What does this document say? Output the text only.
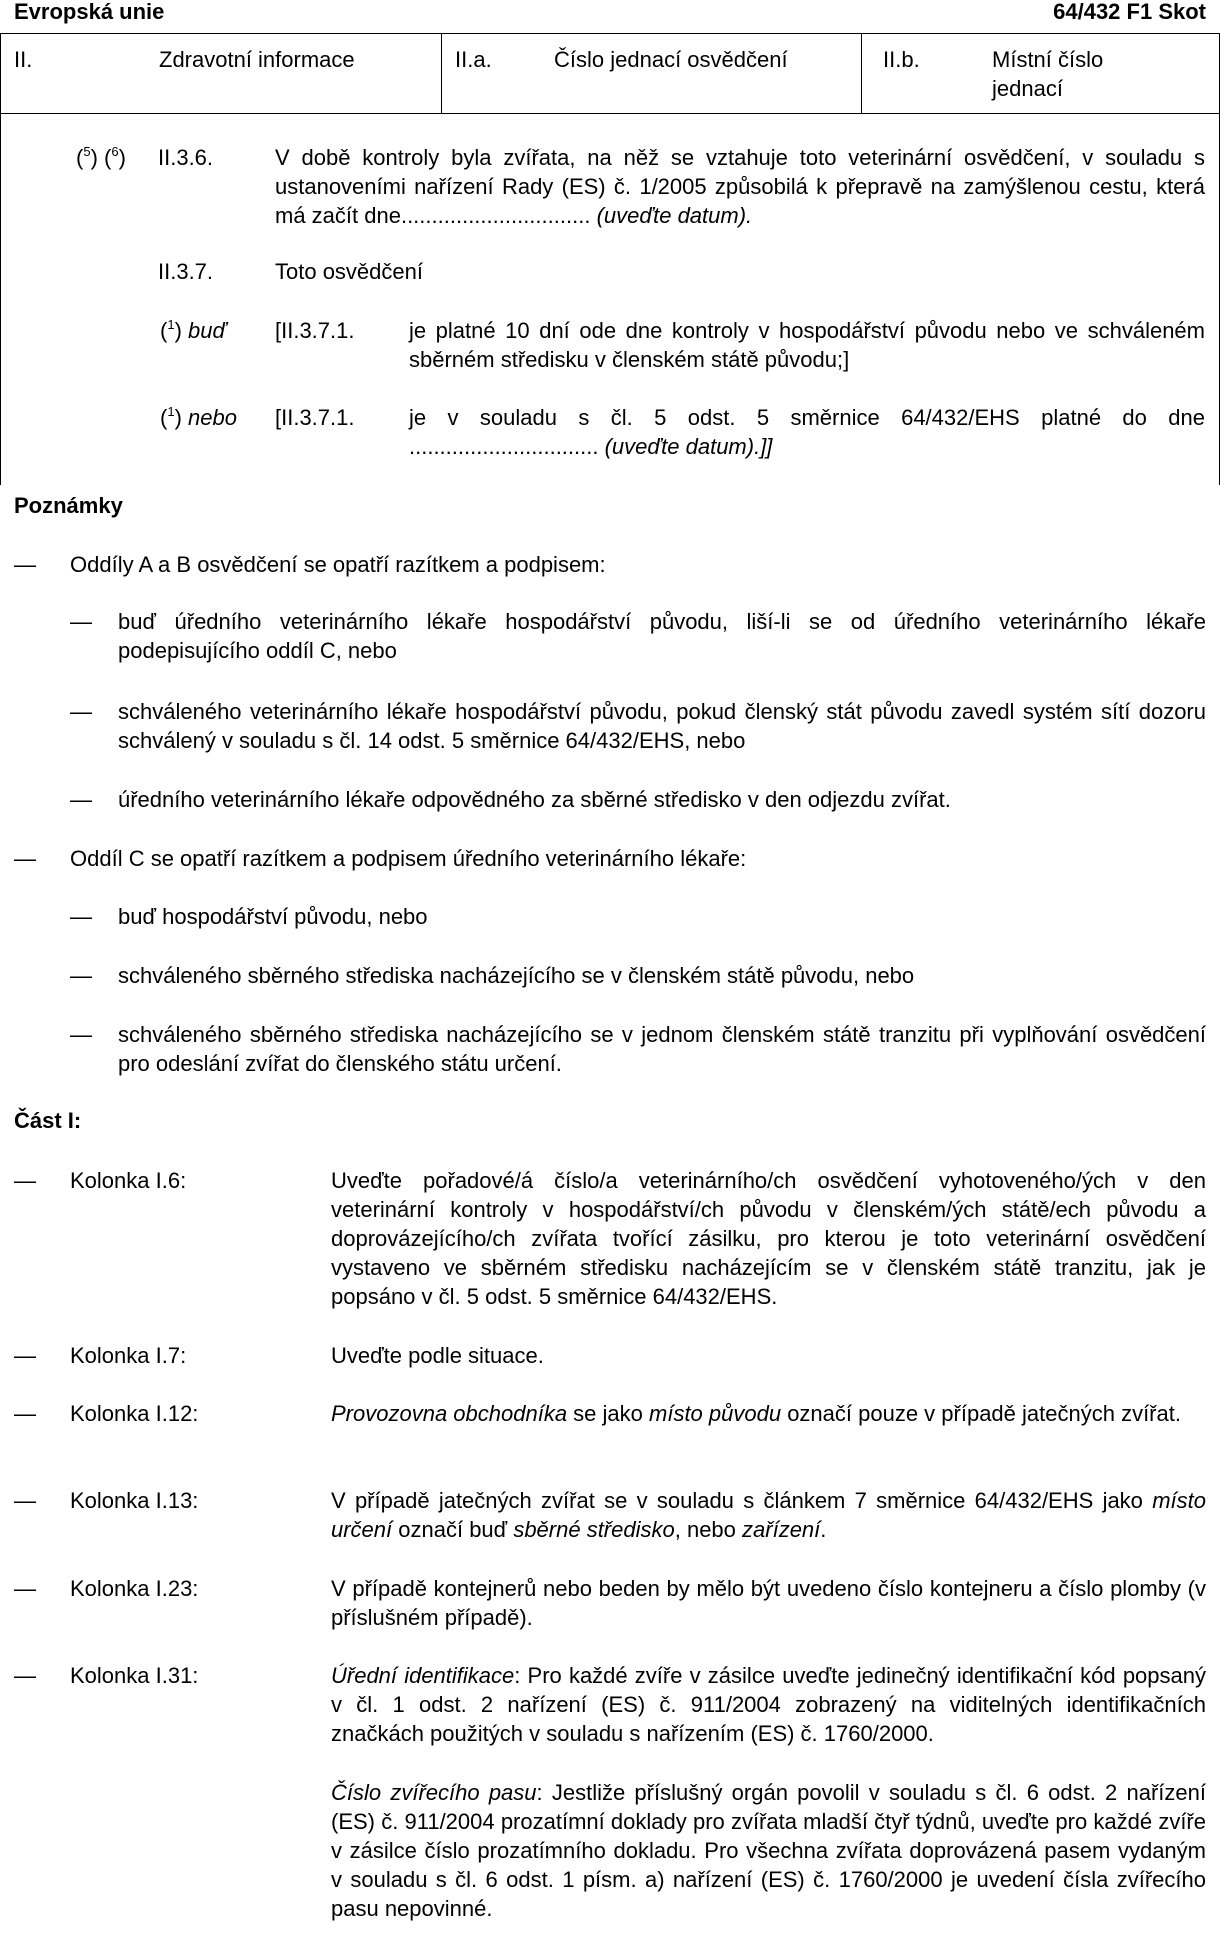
Evropská unie	64/432 F1 Skot
II.	Zdravotní informace	II.a.	Číslo jednací osvědčení	II.b.	Místní číslo jednací
($^5$) ($^6$) II.3.6.	V době kontroly byla zvířata, na něž se vztahuje toto veterinární osvědčení, v souladu s ustanoveními nařízení Rady (ES) č. 1/2005 způsobilá k přepravě na zamýšlenou cestu, která má začít dne............................... (uveďte datum).
II.3.7.	Toto osvědčení
($^1$) buď [II.3.7.1. je platné 10 dní ode dne kontroly v hospodářství původu nebo ve schváleném sběrném středisku v členském státě původu;]
($^1$) nebo [II.3.7.1. je v souladu s čl. 5 odst. 5 směrnice 64/432/EHS platné do dne ............................... (uveďte datum).]]
Poznámky
— Oddíly A a B osvědčení se opatří razítkem a podpisem:
— buď úředního veterinárního lékaře hospodářství původu, liší-li se od úředního veterinárního lékaře podepisujícího oddíl C, nebo
— schváleného veterinárního lékaře hospodářství původu, pokud členský stát původu zavedl systém sítí dozoru schválený v souladu s čl. 14 odst. 5 směrnice 64/432/EHS, nebo
— úředního veterinárního lékaře odpovědného za sběrné středisko v den odjezdu zvířat.
— Oddíl C se opatří razítkem a podpisem úředního veterinárního lékaře:
— buď hospodářství původu, nebo
— schváleného sběrného střediska nacházejícího se v členském státě původu, nebo
— schváleného sběrného střediska nacházejícího se v jednom členském státě tranzitu při vyplňování osvědčení pro odeslání zvířat do členského státu určení.
Část I:
— Kolonka I.6:	Uveďte pořadové/á číslo/a veterinárního/ch osvědčení vyhotoveného/ých v den veterinární kontroly v hospodářství/ch původu v členském/ých státě/ech původu a doprovázejícího/ch zvířata tvořící zásilku, pro kterou je toto veterinární osvědčení vystaveno ve sběrném středisku nacházejícím se v členském státě tranzitu, jak je popsáno v čl. 5 odst. 5 směrnice 64/432/EHS.
— Kolonka I.7:	Uveďte podle situace.
— Kolonka I.12:	Provozovna obchodníka se jako místo původu označí pouze v případě jatečných zvířat.
— Kolonka I.13:	V případě jatečných zvířat se v souladu s článkem 7 směrnice 64/432/EHS jako místo určení označí buď sběrné středisko, nebo zařízení.
— Kolonka I.23:	V případě kontejnerů nebo beden by mělo být uvedeno číslo kontejneru a číslo plomby (v příslušném případě).
— Kolonka I.31:	Úřední identifikace: Pro každé zvíře v zásilce uveďte jedinečný identifikační kód popsaný v čl. 1 odst. 2 nařízení (ES) č. 911/2004 zobrazený na viditelných identifikačních značkách použitých v souladu s nařízením (ES) č. 1760/2000.
Číslo zvířecího pasu: Jestliže příslušný orgán povolil v souladu s čl. 6 odst. 2 nařízení (ES) č. 911/2004 prozatímní doklady pro zvířata mladší čtyř týdnů, uveďte pro každé zvíře v zásilce číslo prozatímního dokladu. Pro všechna zvířata doprovázená pasem vydaným v souladu s čl. 6 odst. 1 písm. a) nařízení (ES) č. 1760/2000 je uvedení čísla zvířecího pasu nepovinné.
